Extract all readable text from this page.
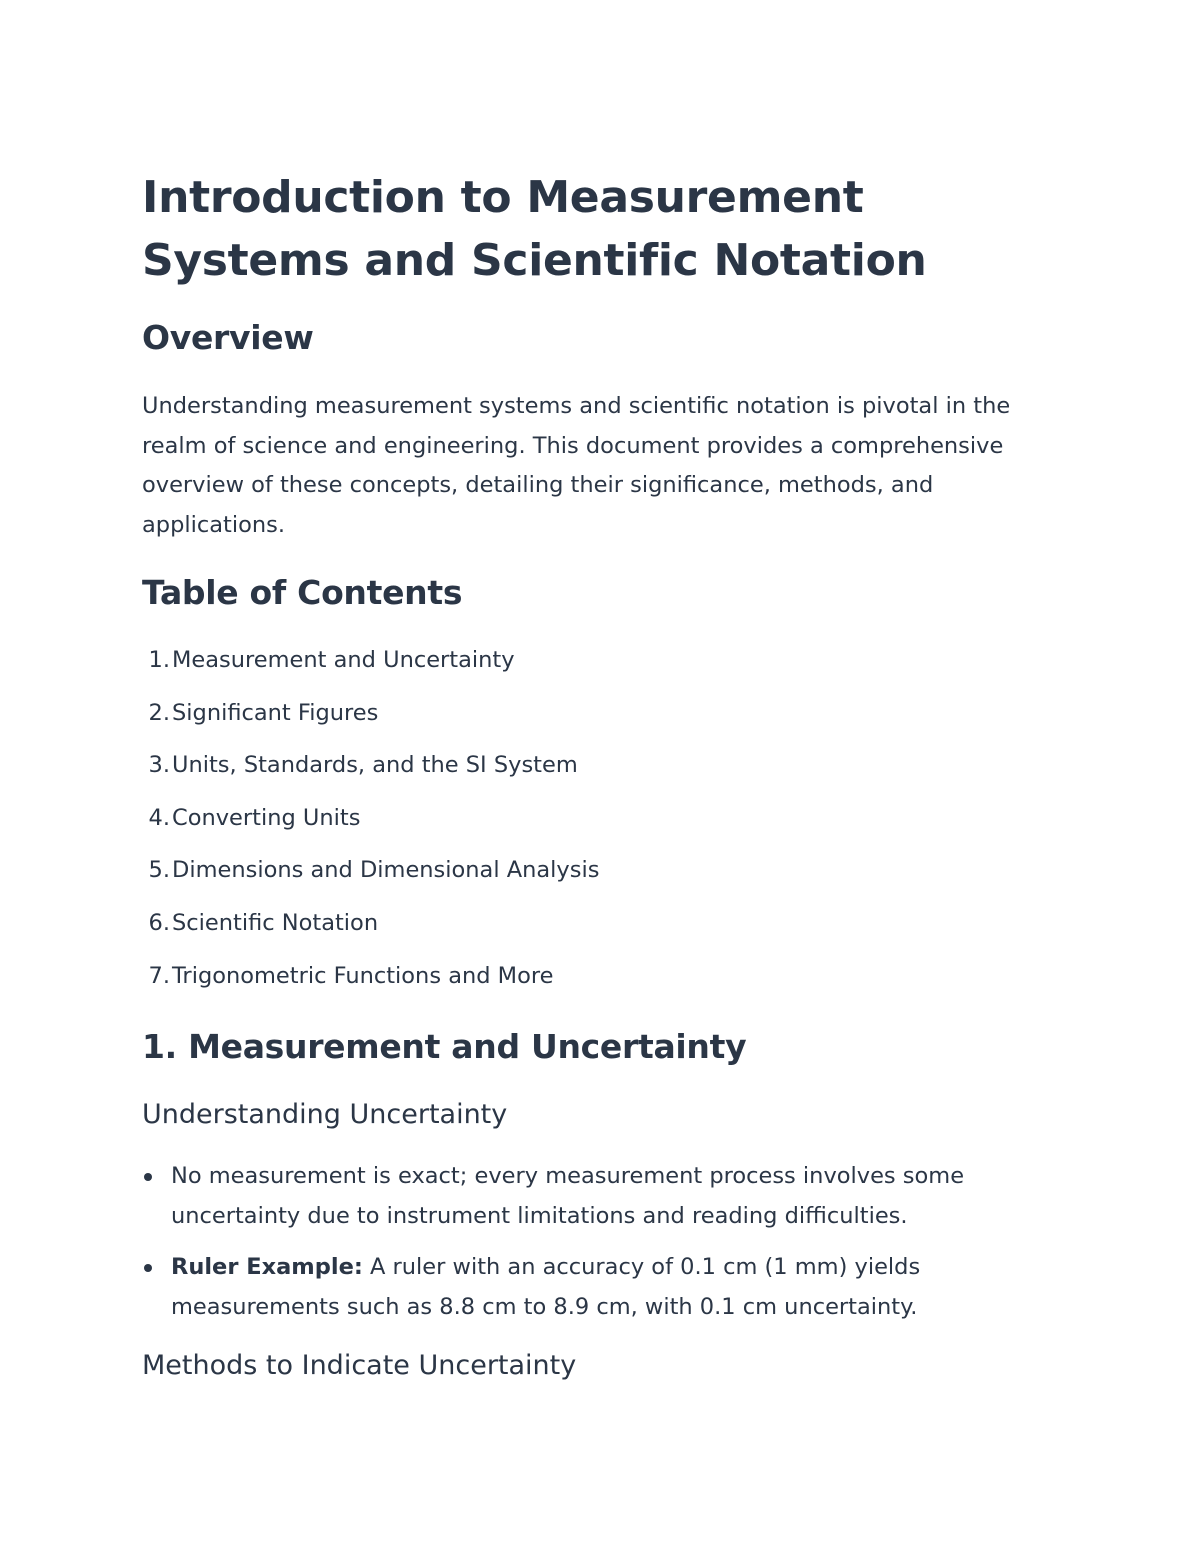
Introduction to Measurement Systems and Scientific Notation
Overview

Understanding measurement systems and scientific notation is pivotal in the realm of science and engineering. This document provides a comprehensive overview of these concepts, detailing their significance, methods, and applications.

Table of Contents
1.Measurement and Uncertainty
2.Significant Figures
3.Units, Standards, and the SI System
4.Converting Units
5.Dimensions and Dimensional Analysis
6.Scientific Notation
7.Trigonometric Functions and More
1. Measurement and Uncertainty
Understanding Uncertainty
No measurement is exact; every measurement process involves some uncertainty due to instrument limitations and reading difficulties.
Ruler Example: A ruler with an accuracy of 0.1 cm (1 mm) yields measurements such as 8.8 cm to 8.9 cm, with 0.1 cm uncertainty.
Methods to Indicate Uncertainty
